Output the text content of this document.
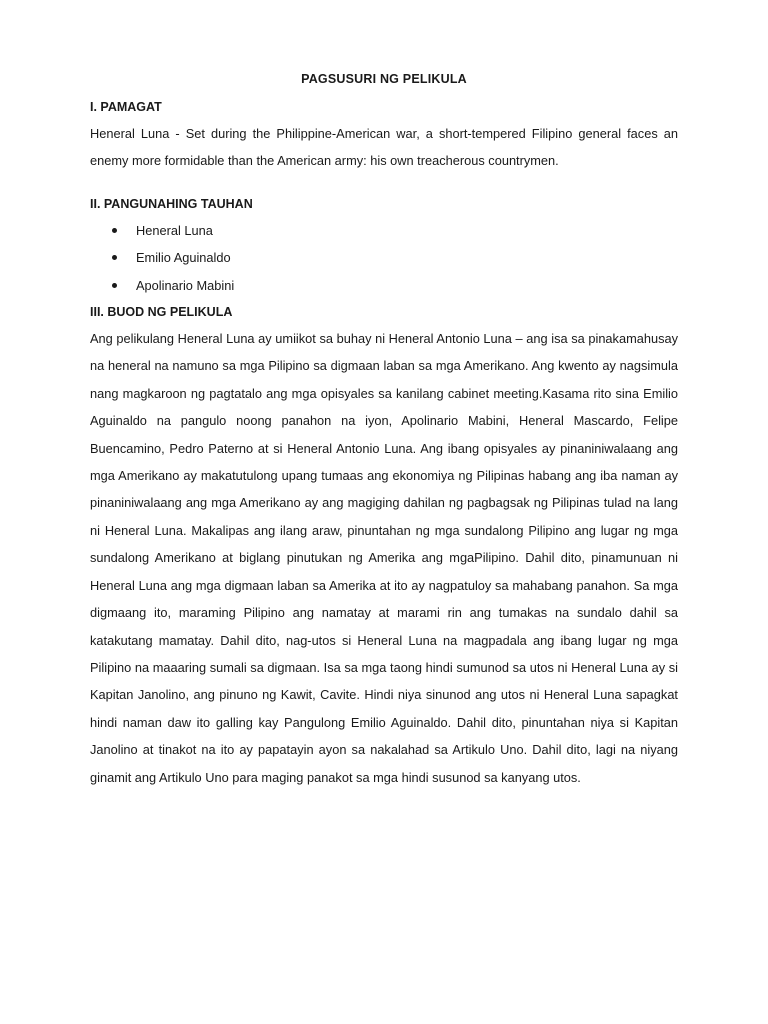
PAGSUSURI NG PELIKULA

I. PAMAGAT

Heneral Luna - Set during the Philippine-American war, a short-tempered Filipino general faces an enemy more formidable than the American army: his own treacherous countrymen.

II. PANGUNAHING TAUHAN

Heneral Luna
Emilio Aguinaldo
Apolinario Mabini

III. BUOD NG PELIKULA

Ang pelikulang Heneral Luna ay umiikot sa buhay ni Heneral Antonio Luna – ang isa sa pinakamahusay na heneral na namuno sa mga Pilipino sa digmaan laban sa mga Amerikano. Ang kwento ay nagsimula nang magkaroon ng pagtatalo ang mga opisyales sa kanilang cabinet meeting.Kasama rito sina Emilio Aguinaldo na pangulo noong panahon na iyon, Apolinario Mabini, Heneral Mascardo, Felipe Buencamino, Pedro Paterno at si Heneral Antonio Luna. Ang ibang opisyales ay pinaniniwalaang ang mga Amerikano ay makatutulong upang tumaas ang ekonomiya ng Pilipinas habang ang iba naman ay pinaniniwalaang ang mga Amerikano ay ang magiging dahilan ng pagbagsak ng Pilipinas tulad na lang ni Heneral Luna. Makalipas ang ilang araw, pinuntahan ng mga sundalong Pilipino ang lugar ng mga sundalong Amerikano at biglang pinutukan ng Amerika ang mgaPilipino. Dahil dito, pinamunuan ni Heneral Luna ang mga digmaan laban sa Amerika at ito ay nagpatuloy sa mahabang panahon. Sa mga digmaang ito, maraming Pilipino ang namatay at marami rin ang tumakas na sundalo dahil sa katakutang mamatay. Dahil dito, nag-utos si Heneral Luna na magpadala ang ibang lugar ng mga Pilipino na maaaring sumali sa digmaan. Isa sa mga taong hindi sumunod sa utos ni Heneral Luna ay si Kapitan Janolino, ang pinuno ng Kawit, Cavite. Hindi niya sinunod ang utos ni Heneral Luna sapagkat hindi naman daw ito galling kay Pangulong Emilio Aguinaldo. Dahil dito, pinuntahan niya si Kapitan Janolino at tinakot na ito ay papatayin ayon sa nakalahad sa Artikulo Uno. Dahil dito, lagi na niyang ginamit ang Artikulo Uno para maging panakot sa mga hindi susunod sa kanyang utos.
